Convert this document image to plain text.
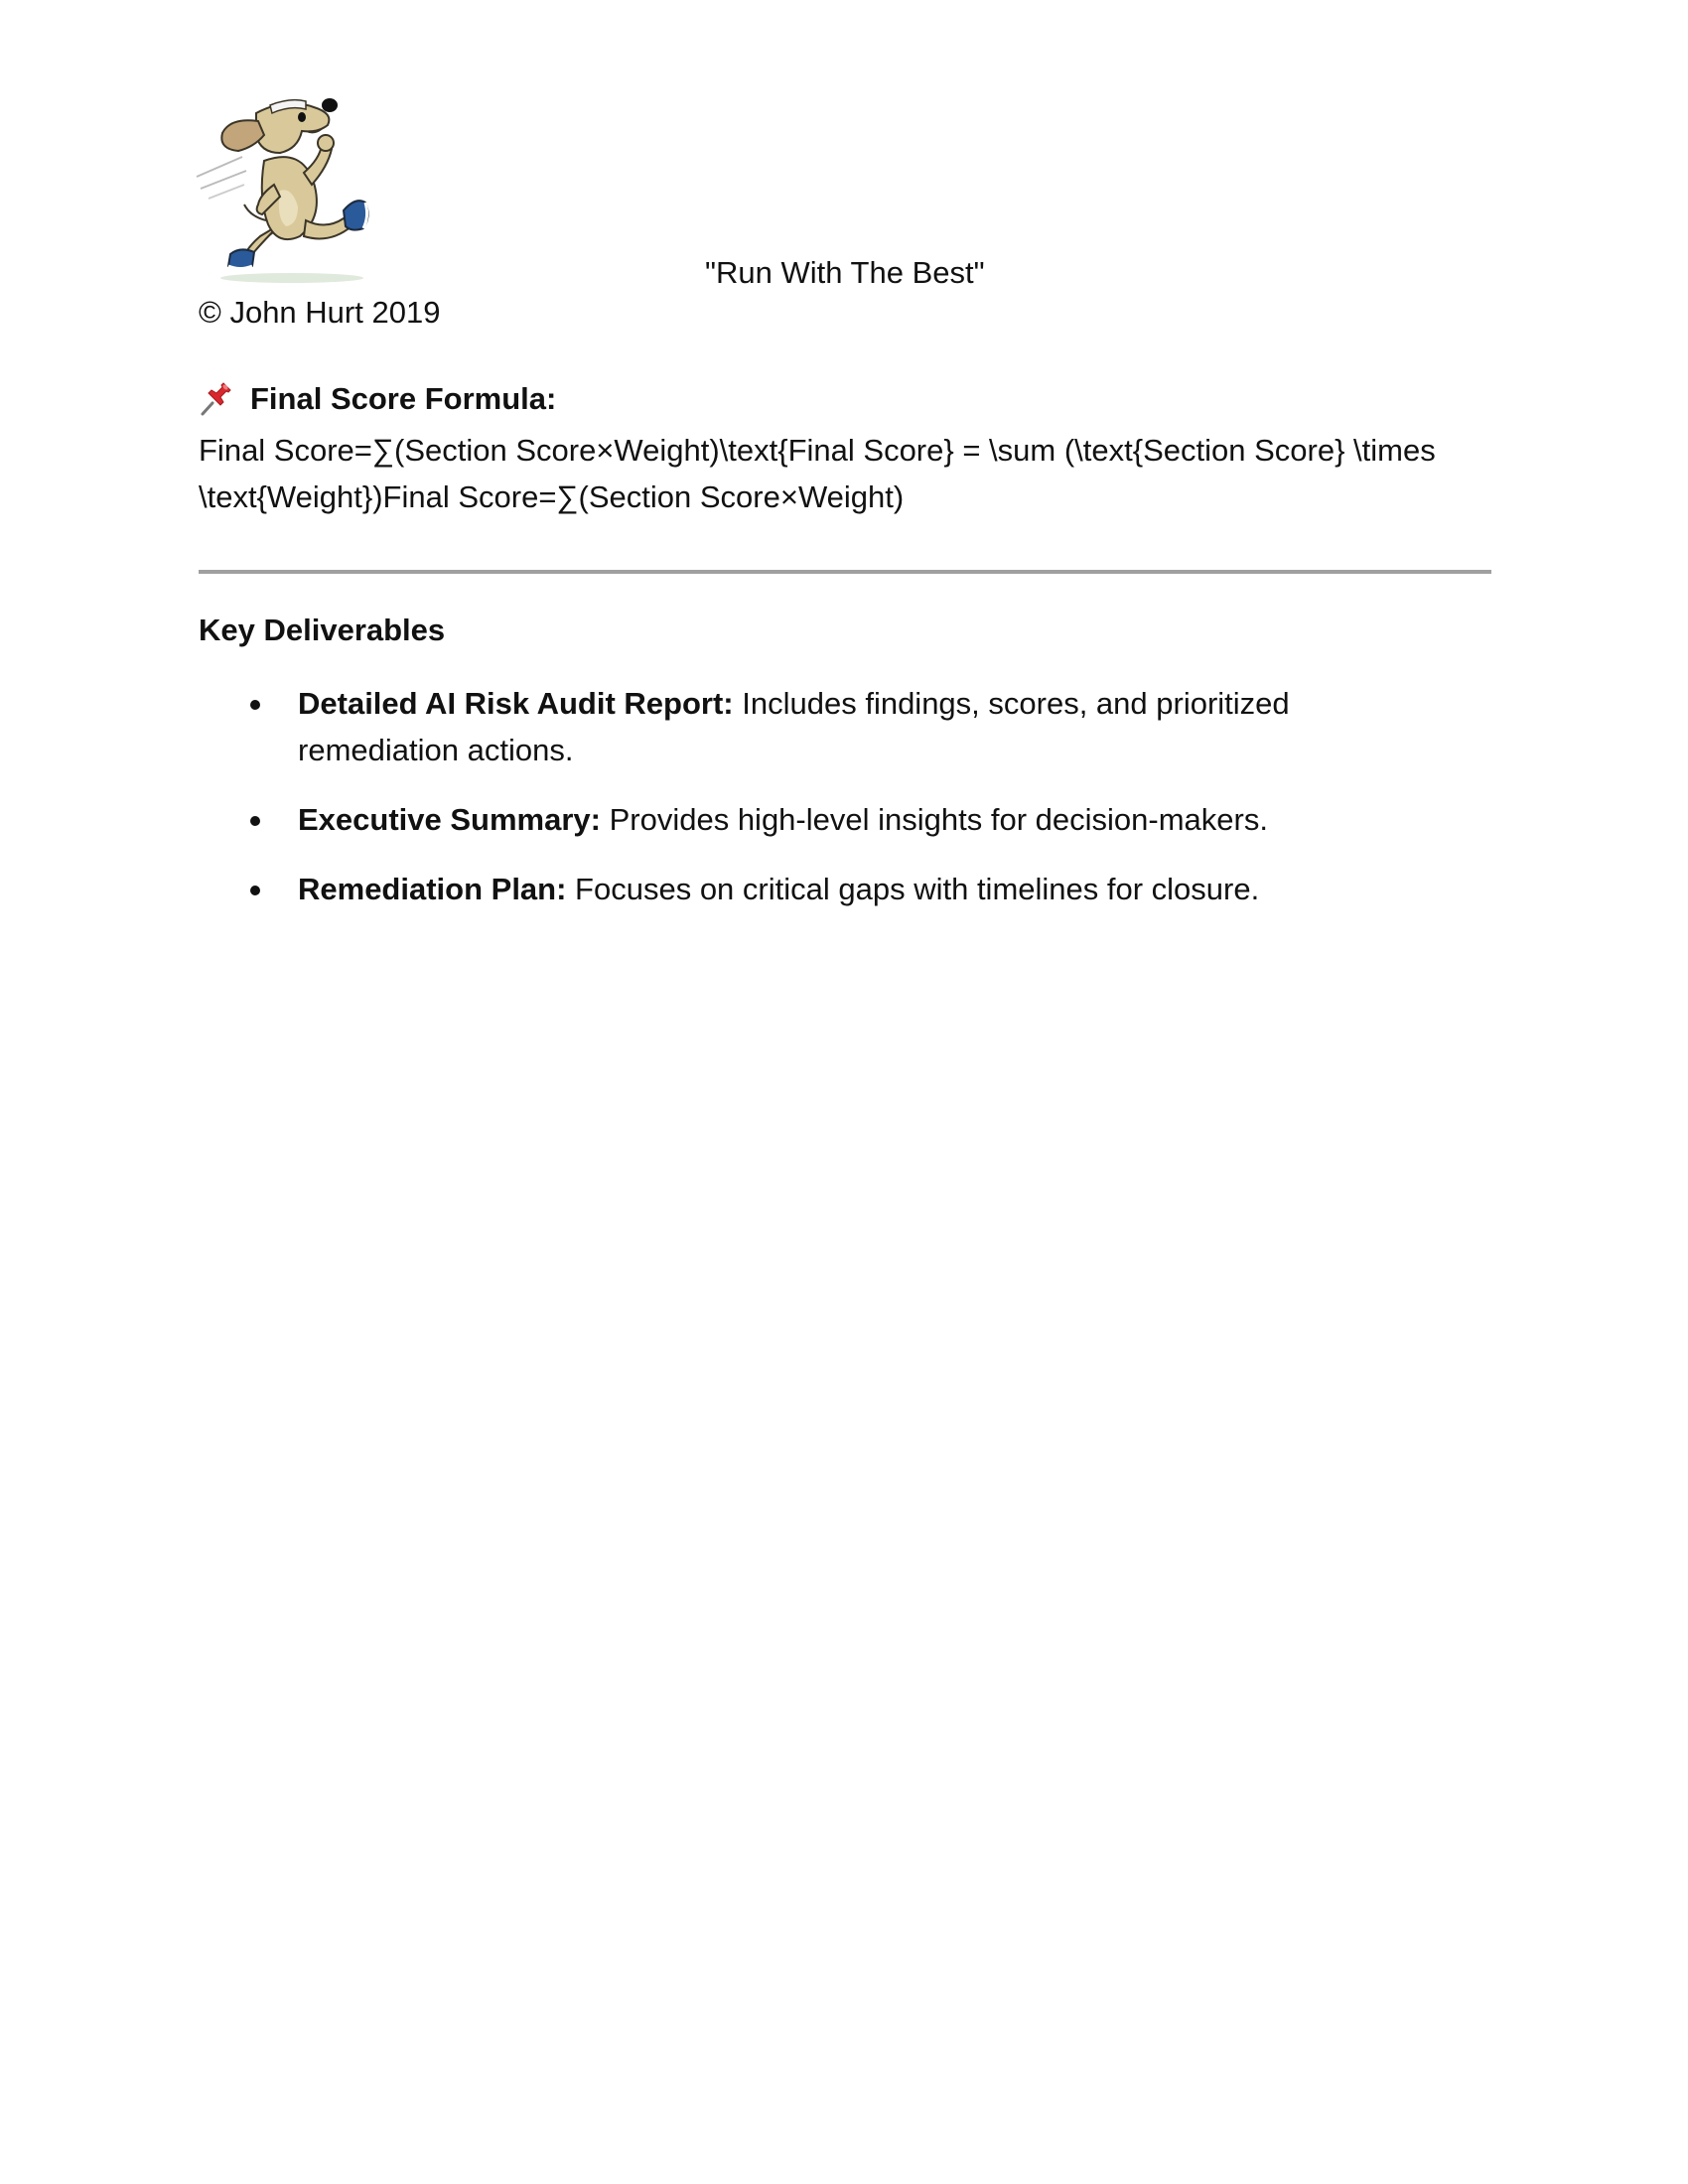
"Run With The Best"
© John Hurt 2019
Final Score Formula:
Final Score=∑(Section Score×Weight)\text{Final Score} = \sum (\text{Section Score} \times
\text{Weight})Final Score=∑(Section Score×Weight)
Key Deliverables
Detailed AI Risk Audit Report: Includes findings, scores, and prioritized remediation actions.
Executive Summary: Provides high-level insights for decision-makers.
Remediation Plan: Focuses on critical gaps with timelines for closure.
